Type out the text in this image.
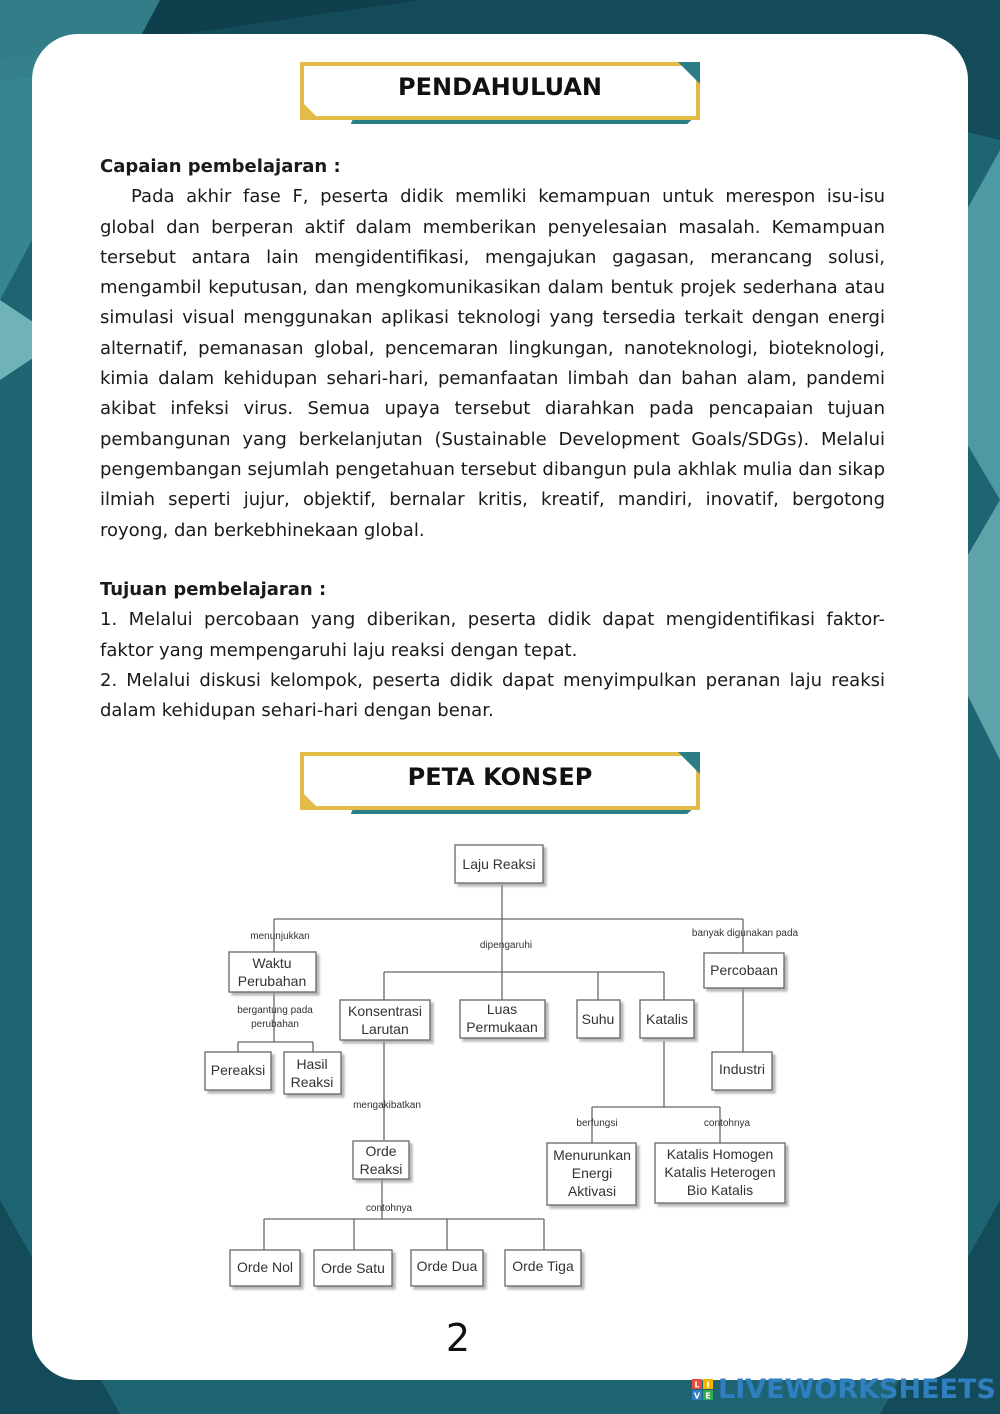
PENDAHULUAN
Capaian pembelajaran :
Pada akhir fase F, peserta didik memliki kemampuan untuk merespon isu-isu global dan berperan aktif dalam memberikan penyelesaian masalah. Kemampuan tersebut antara lain mengidentifikasi, mengajukan gagasan, merancang solusi, mengambil keputusan, dan mengkomunikasikan dalam bentuk projek sederhana atau simulasi visual menggunakan aplikasi teknologi yang tersedia terkait dengan energi alternatif, pemanasan global, pencemaran lingkungan, nanoteknologi, bioteknologi, kimia dalam kehidupan sehari-hari, pemanfaatan limbah dan bahan alam, pandemi akibat infeksi virus. Semua upaya tersebut diarahkan pada pencapaian tujuan pembangunan yang berkelanjutan (Sustainable Development Goals/SDGs). Melalui pengembangan sejumlah pengetahuan tersebut dibangun pula akhlak mulia dan sikap ilmiah seperti jujur, objektif, bernalar kritis, kreatif, mandiri, inovatif, bergotong royong, dan berkebhinekaan global.
Tujuan pembelajaran :
1. Melalui percobaan yang diberikan, peserta didik dapat mengidentifikasi faktor-faktor yang mempengaruhi laju reaksi dengan tepat.
2. Melalui diskusi kelompok, peserta didik dapat menyimpulkan peranan laju reaksi dalam kehidupan sehari-hari dengan benar.
PETA KONSEP
menunjukkan
dipengaruhi
banyak digunakan pada
bergantung pada
perubahan
mengakibatkan
berfungsi	contohnya
contohnya
Laju Reaksi
Waktu
Perubahan
Pereaksi Hasil
Reaksi
Konsentrasi
Larutan
Luas
Permukaan	Suhu Katalis
Percobaan
Industri
Orde
Reaksi
Menurunkan
Energi
Aktivasi
Katalis Homogen
Katalis Heterogen
Bio Katalis
Orde Nol Orde Satu Orde Dua Orde Tiga
2
L I
V E LIVEWORKSHEETS
